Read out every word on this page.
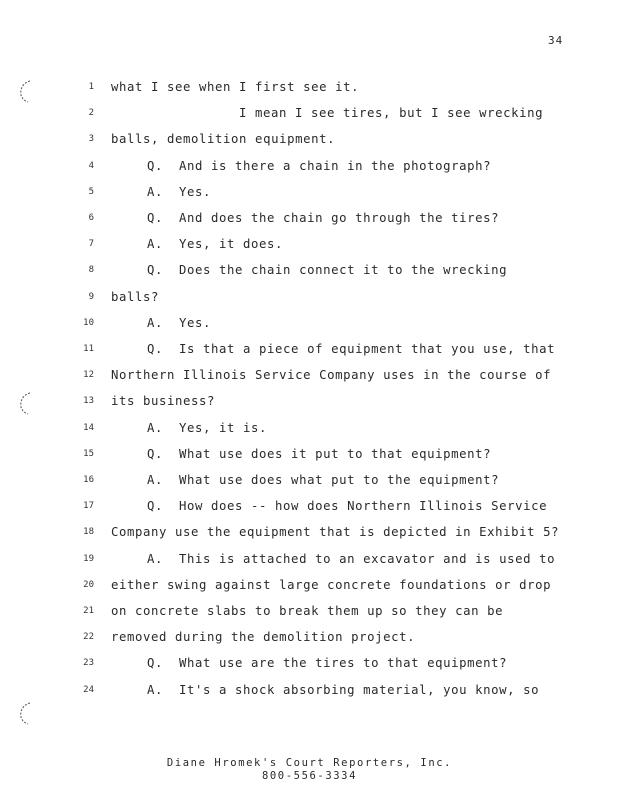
34
1 what I see when I first see it.
2	I mean I see tires, but I see wrecking
3 balls, demolition equipment.
4	Q.  And is there a chain in the photograph?
5	A.  Yes.
6	Q.  And does the chain go through the tires?
7	A.  Yes, it does.
8	Q.  Does the chain connect it to the wrecking
9 balls?
10	A.  Yes.
11	Q.  Is that a piece of equipment that you use, that
12 Northern Illinois Service Company uses in the course of
13 its business?
14	A.  Yes, it is.
15	Q.  What use does it put to that equipment?
16	A.  What use does what put to the equipment?
17	Q.  How does -- how does Northern Illinois Service
18 Company use the equipment that is depicted in Exhibit 5?
19	A.  This is attached to an excavator and is used to
20 either swing against large concrete foundations or drop
21 on concrete slabs to break them up so they can be
22 removed during the demolition project.
23	Q.  What use are the tires to that equipment?
24	A.  It's a shock absorbing material, you know, so
Diane Hromek's Court Reporters, Inc.
800-556-3334
